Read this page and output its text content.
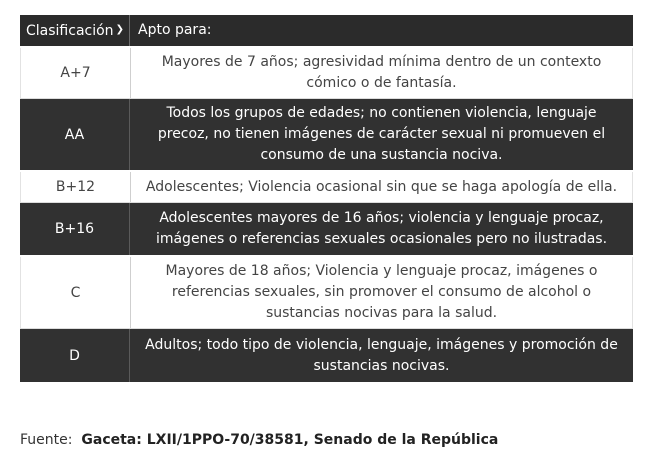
Clasificación ❯ Apto para:
A+7
Mayores de 7 años; agresividad mínima dentro de un contexto cómico o de fantasía.
AA
Todos los grupos de edades; no contienen violencia, lenguaje precoz, no tienen imágenes de carácter sexual ni promueven el consumo de una sustancia nociva.
B+12	Adolescentes; Violencia ocasional sin que se haga apología de ella.
B+16
Adolescentes mayores de 16 años; violencia y lenguaje procaz, imágenes o referencias sexuales ocasionales pero no ilustradas.
C
Mayores de 18 años; Violencia y lenguaje procaz, imágenes o referencias sexuales, sin promover el consumo de alcohol o sustancias nocivas para la salud.
D
Adultos; todo tipo de violencia, lenguaje, imágenes y promoción de sustancias nocivas.
Fuente: Gaceta: LXII/1PPO-70/38581, Senado de la República
